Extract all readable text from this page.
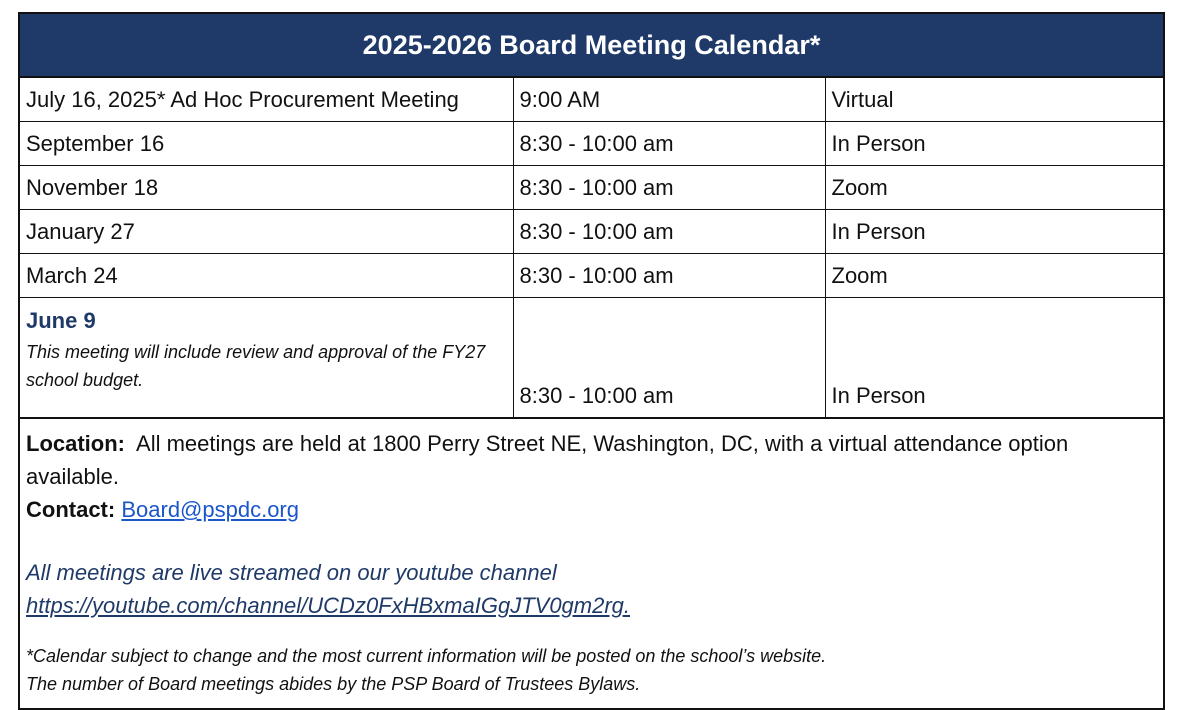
2025-2026 Board Meeting Calendar*
July 16, 2025* Ad Hoc Procurement Meeting	9:00 AM	Virtual
September 16	8:30 - 10:00 am	In Person
November 18	8:30 - 10:00 am	Zoom
January 27	8:30 - 10:00 am	In Person
March 24	8:30 - 10:00 am	Zoom

June 9
This meeting will include review and approval of the FY27 school budget.	8:30 - 10:00 am	In Person
Location: All meetings are held at 1800 Perry Street NE, Washington, DC, with a virtual attendance option available.
Contact: Board@pspdc.org
All meetings are live streamed on our youtube channel https://youtube.com/channel/UCDz0FxHBxmaIGgJTV0gm2rg.
*Calendar subject to change and the most current information will be posted on the school’s website.
The number of Board meetings abides by the PSP Board of Trustees Bylaws.
